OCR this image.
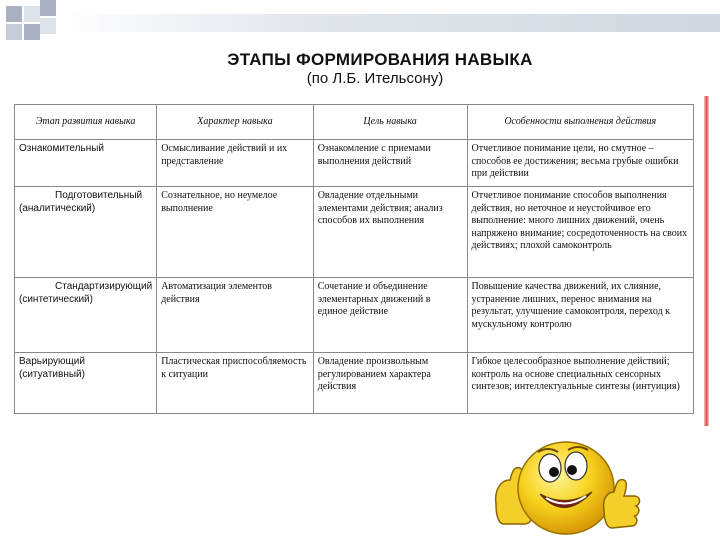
ЭТАПЫ ФОРМИРОВАНИЯ НАВЫКА
(по Л.Б. Ительсону)
Этап развития навыка	Характер навыка	Цель навыка	Особенности выполнения действия
Ознакомительный	Осмысливание действий и их представление	Ознакомление с приемами выполнения действий	Отчетливое понимание цели, но смутное – способов ее достижения; весьма грубые ошибки при действии
Подготовительный (аналитический)	Сознательное, но неумелое выполнение	Овладение отдельными элементами действия; анализ способов их выполнения	Отчетливое понимание способов выполнения действия, но неточное и неустойчивое его выполнение: много лишних движений, очень напряжено внимание; сосредоточенность на своих действиях; плохой самоконтроль
Стандартизирующий (синтетический)	Автоматизация элементов действия	Сочетание и объединение элементарных движений в единое действие	Повышение качества движений, их слияние, устранение лишних, перенос внимания на результат, улучшение самоконтроля, переход к мускульному контролю
Варьирующий (ситуативный)	Пластическая приспособляемость к ситуации	Овладение произвольным регулированием характера действия	Гибкое целесообразное выполнение действий; контроль на основе специальных сенсорных синтезов; интеллектуальные синтезы (интуиция)
